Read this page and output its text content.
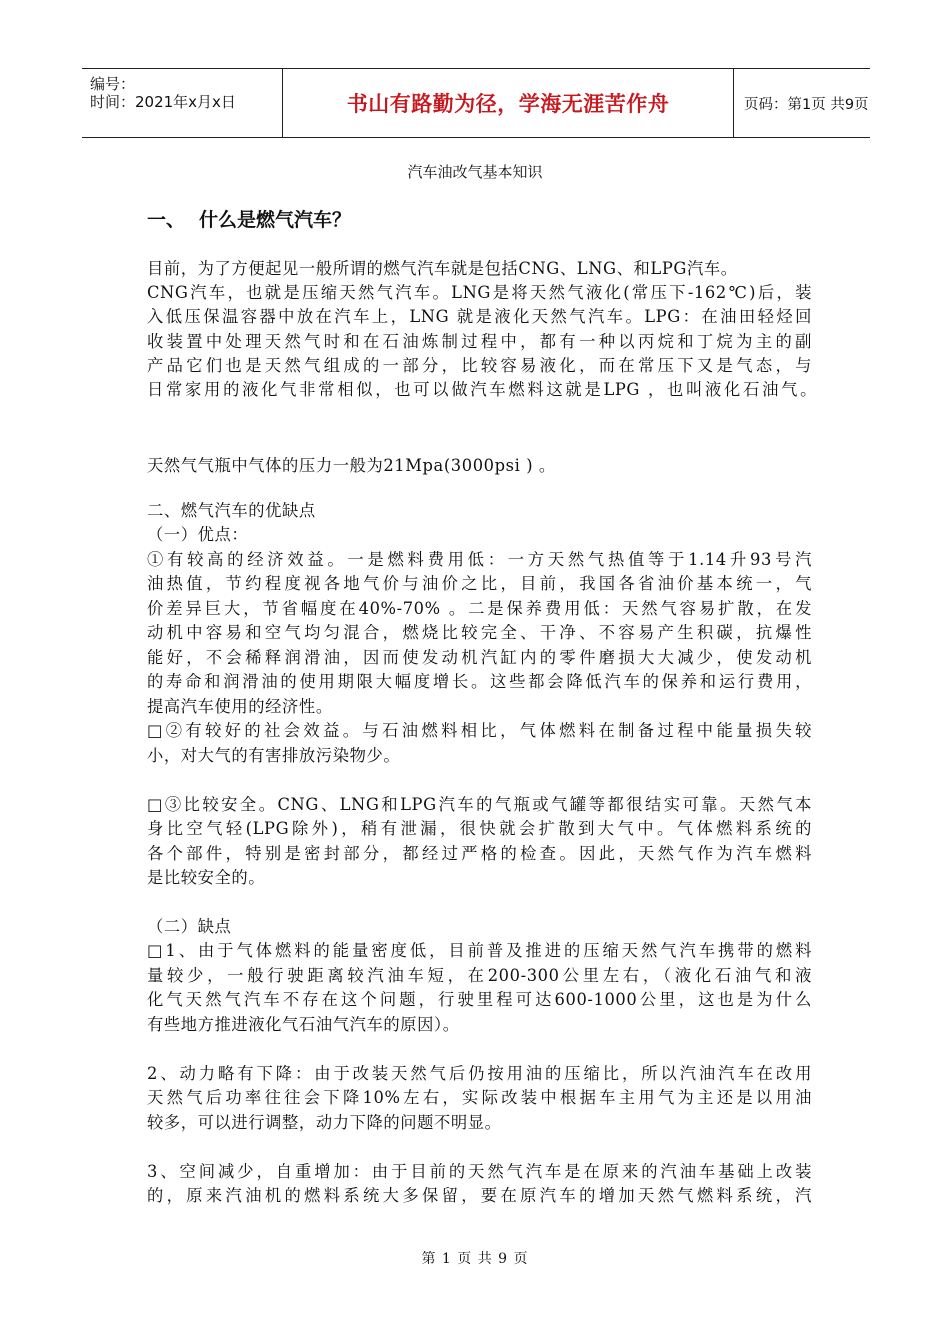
编号：
时间：2021年x月x日	书山有路勤为径，学海无涯苦作舟	页码：第1页 共9页
汽车油改气基本知识
一、 什么是燃气汽车？

目前，为了方便起见一般所谓的燃气汽车就是包括CNG、LNG、和LPG汽车。

CNG汽车，也就是压缩天然气汽车。LNG是将天然气液化(常压下-162℃)后，装

入低压保温容器中放在汽车上，LNG 就是液化天然气汽车。LPG：在油田轻烃回

收装置中处理天然气时和在石油炼制过程中，都有一种以丙烷和丁烷为主的副

产品它们也是天然气组成的一部分，比较容易液化，而在常压下又是气态，与

日常家用的液化气非常相似，也可以做汽车燃料这就是LPG ，也叫液化石油气。

天然气气瓶中气体的压力一般为21Mpa(3000psi ) 。

二、燃气汽车的优缺点

（一）优点：

①有较高的经济效益。一是燃料费用低：一方天然气热值等于1.14升93号汽

油热值，节约程度视各地气价与油价之比，目前，我国各省油价基本统一，气

价差异巨大，节省幅度在40%-70% 。二是保养费用低：天然气容易扩散，在发

动机中容易和空气均匀混合，燃烧比较完全、干净、不容易产生积碳，抗爆性

能好，不会稀释润滑油，因而使发动机汽缸内的零件磨损大大减少，使发动机

的寿命和润滑油的使用期限大幅度增长。这些都会降低汽车的保养和运行费用，

提高汽车使用的经济性。

□②有较好的社会效益。与石油燃料相比，气体燃料在制备过程中能量损失较

小，对大气的有害排放污染物少。

□③比较安全。CNG、LNG和LPG汽车的气瓶或气罐等都很结实可靠。天然气本

身比空气轻(LPG除外)，稍有泄漏，很快就会扩散到大气中。气体燃料系统的

各个部件，特别是密封部分，都经过严格的检查。因此，天然气作为汽车燃料

是比较安全的。

（二）缺点

□1、由于气体燃料的能量密度低，目前普及推进的压缩天然气汽车携带的燃料

量较少，一般行驶距离较汽油车短，在200-300公里左右，（液化石油气和液

化气天然气汽车不存在这个问题，行驶里程可达600-1000公里，这也是为什么

有些地方推进液化气石油气汽车的原因）。

2、动力略有下降：由于改装天然气后仍按用油的压缩比，所以汽油汽车在改用

天然气后功率往往会下降10%左右，实际改装中根据车主用气为主还是以用油

较多，可以进行调整，动力下降的问题不明显。

3、空间减少，自重增加：由于目前的天然气汽车是在原来的汽油车基础上改装

的，原来汽油机的燃料系统大多保留，要在原汽车的增加天然气燃料系统，汽

第 1 页 共 9 页
